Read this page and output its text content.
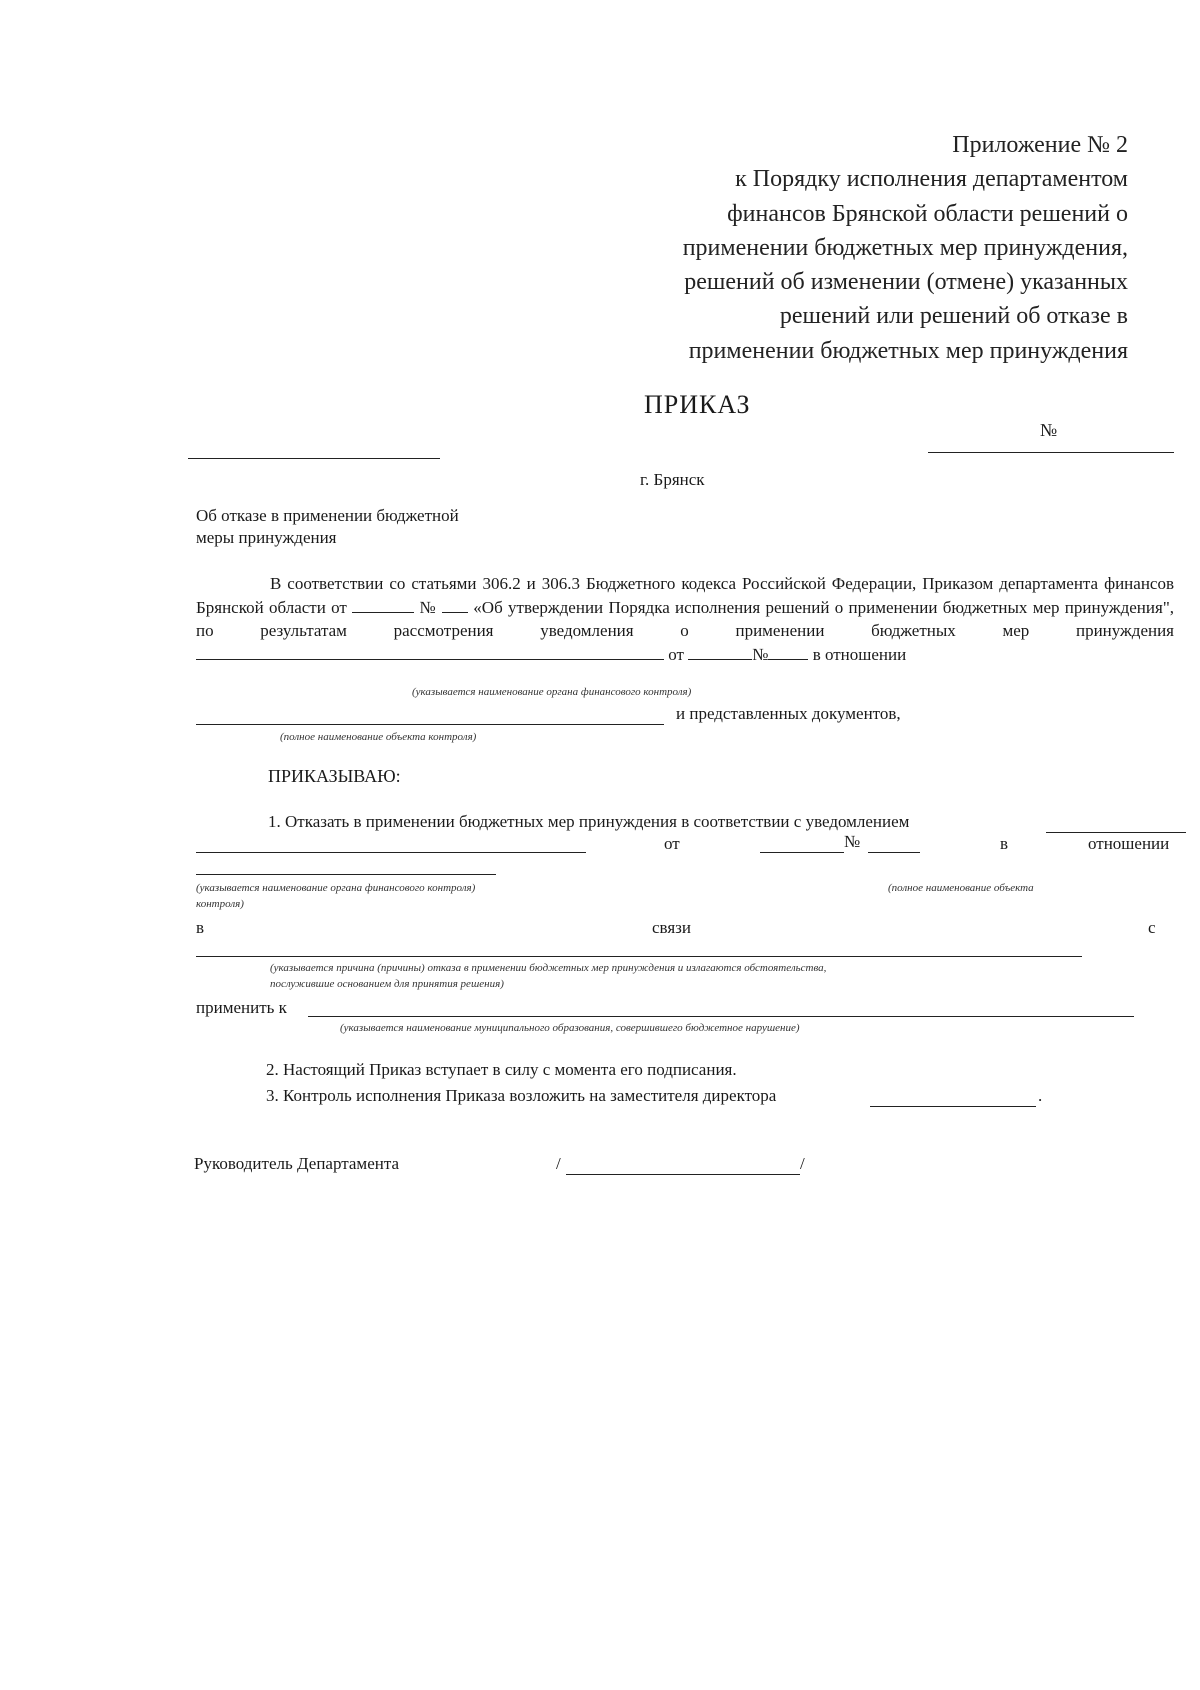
Приложение № 2
к Порядку исполнения департаментом
финансов Брянской области решений о
применении бюджетных мер принуждения,
решений об изменении (отмене) указанных
решений или решений об отказе в
применении бюджетных мер принуждения
ПРИКАЗ
№
г. Брянск
Об отказе в применении бюджетной
меры принуждения
В соответствии со статьями 306.2 и 306.3 Бюджетного кодекса Российской Федерации, Приказом департамента финансов Брянской области от	№ «Об утверждении Порядка исполнения решений о применении бюджетных мер принуждения", по результатам рассмотрения уведомления о применении бюджетных мер принуждения  от	№	в отношении
(указывается наименование органа финансового контроля)
и представленных документов,
(полное наименование объекта контроля)
ПРИКАЗЫВАЮ:
1. Отказать в применении бюджетных мер принуждения в соответствии с уведомлением
от	№	в	отношении
(указывается наименование органа финансового контроля)	(полное наименование объекта
контроля)
в	связи	с
(указывается причина (причины) отказа в применении бюджетных мер принуждения и излагаются обстоятельства,
послужившие основанием для принятия решения)
применить к
(указывается наименование муниципального образования, совершившего бюджетное нарушение)
2. Настоящий Приказ вступает в силу с момента его подписания.
3. Контроль исполнения Приказа возложить на заместителя директора	.
Руководитель Департамента	/	/
